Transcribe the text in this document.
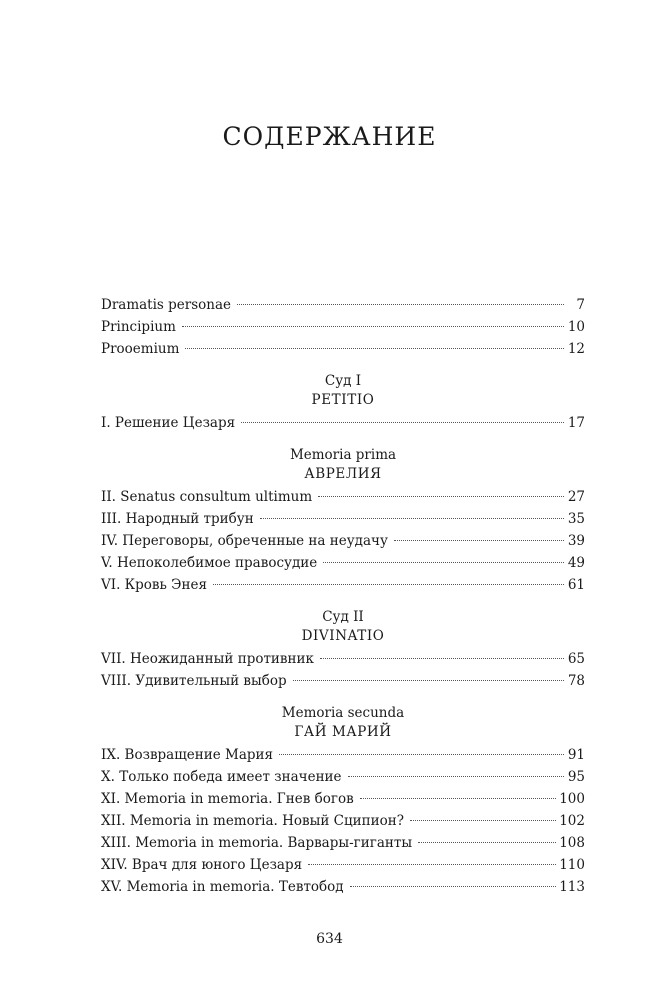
СОДЕРЖАНИЕ
Dramatis personae	7
Principium	10
Prooemium	12
Суд I
PETITIO
I. Решение Цезаря	17
Memoria prima
АВРЕЛИЯ
II. Senatus consultum ultimum	27
III. Народный трибун	35
IV. Переговоры, обреченные на неудачу	39
V. Непоколебимое правосудие	49
VI. Кровь Энея	61
Суд II
DIVINATIO
VII. Неожиданный противник	65
VIII. Удивительный выбор	78
Memoria secunda
ГАЙ МАРИЙ
IX. Возвращение Мария	91
X. Только победа имеет значение	95
XI. Memoria in memoria. Гнев богов	100
XII. Memoria in memoria. Новый Сципион?	102
XIII. Memoria in memoria. Варвары-гиганты	108
XIV. Врач для юного Цезаря	110
XV. Memoria in memoria. Тевтобод	113
634
